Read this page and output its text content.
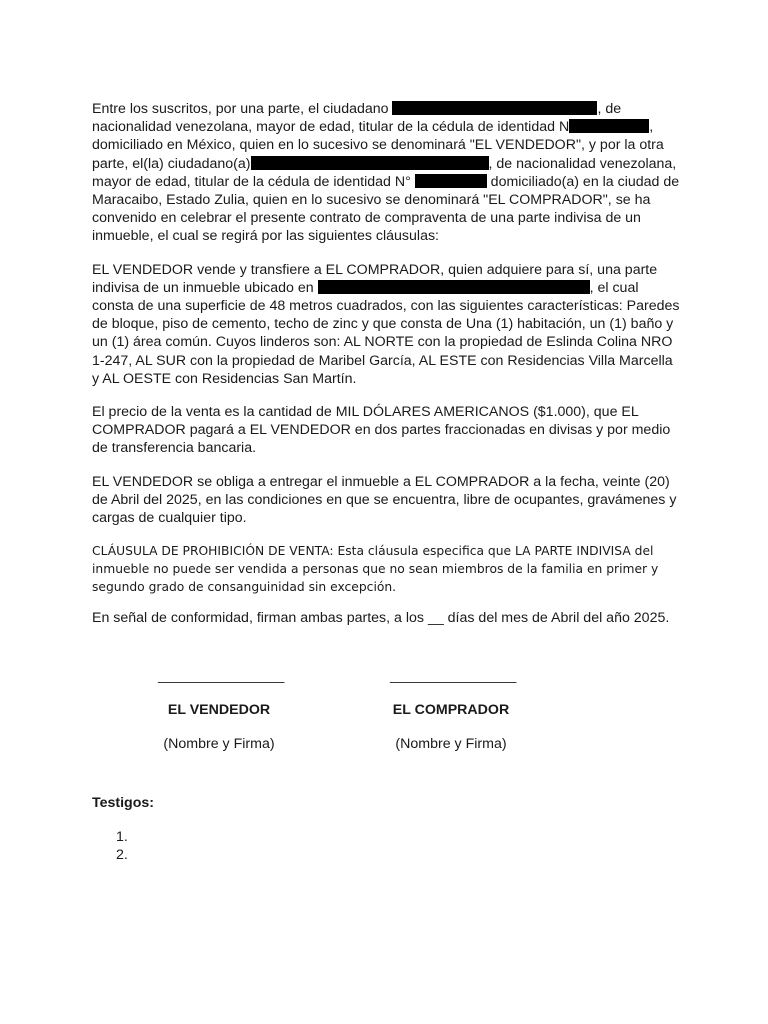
Entre los suscritos, por una parte, el ciudadano	, de nacionalidad venezolana, mayor de edad, titular de la cédula de identidad N	, domiciliado en México, quien en lo sucesivo se denominará "EL VENDEDOR", y por la otra parte, el(la) ciudadano(a)	, de nacionalidad venezolana, mayor de edad, titular de la cédula de identidad N°	domiciliado(a) en la ciudad de Maracaibo, Estado Zulia, quien en lo sucesivo se denominará "EL COMPRADOR", se ha convenido en celebrar el presente contrato de compraventa de una parte indivisa de un inmueble, el cual se regirá por las siguientes cláusulas:

EL VENDEDOR vende y transfiere a EL COMPRADOR, quien adquiere para sí, una parte indivisa de un inmueble ubicado en	, el cual consta de una superficie de 48 metros cuadrados, con las siguientes características: Paredes de bloque, piso de cemento, techo de zinc y que consta de Una (1) habitación, un (1) baño y un (1) área común. Cuyos linderos son: AL NORTE con la propiedad de Eslinda Colina NRO 1-247, AL SUR con la propiedad de Maribel García, AL ESTE con Residencias Villa Marcella y AL OESTE con Residencias San Martín.

El precio de la venta es la cantidad de MIL DÓLARES AMERICANOS ($1.000), que EL COMPRADOR pagará a EL VENDEDOR en dos partes fraccionadas en divisas y por medio de transferencia bancaria.

EL VENDEDOR se obliga a entregar el inmueble a EL COMPRADOR a la fecha, veinte (20) de Abril del 2025, en las condiciones en que se encuentra, libre de ocupantes, gravámenes y cargas de cualquier tipo.

CLÁUSULA DE PROHIBICIÓN DE VENTA: Esta cláusula especifica que LA PARTE INDIVISA del inmueble no puede ser vendida a personas que no sean miembros de la familia en primer y segundo grado de consanguinidad sin excepción.

En señal de conformidad, firman ambas partes, a los __ días del mes de Abril del año 2025.

________________
EL VENDEDOR
(Nombre y Firma)
________________
EL COMPRADOR
(Nombre y Firma)
Testigos:
1.
2.
